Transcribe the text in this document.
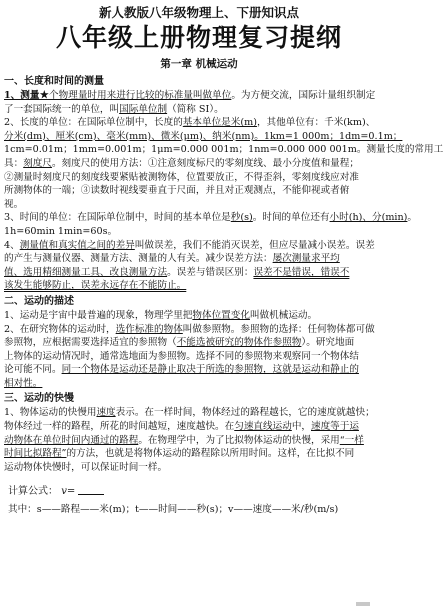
新人教版八年级物理上、下册知识点
八年级上册物理复习提纲
第一章 机械运动
一、长度和时间的测量

1、测量★个物理量时用来进行比较的标准量叫做单位。为方便交流，国际计量组织制定

了一套国际统一的单位，叫国际单位制（简称 SI）。

2、长度的单位：在国际单位制中，长度的基本单位是米(m)，其他单位有：千米(km)、

分米(dm)、厘米(cm)、毫米(mm)、微米(μm)、纳米(nm)。1km=1 000m；1dm=0.1m；

1cm=0.01m；1mm=0.001m；1μm=0.000 001m；1nm=0.000 000 001m。测量长度的常用工

具：刻度尺。刻度尺的使用方法：①注意刻度标尺的零刻度线、最小分度值和量程；

②测量时刻度尺的刻度线要紧贴被测物体，位置要放正，不得歪斜，零刻度线应对准

所测物体的一端；③读数时视线要垂直于尺面，并且对正观测点，不能仰视或者俯

视。

3、时间的单位：在国际单位制中，时间的基本单位是秒(s)。时间的单位还有小时(h)、分(min)。

1h=60min 1min=60s。

4、测量值和真实值之间的差异叫做误差，我们不能消灭误差，但应尽量减小误差。误差

的产生与测量仪器、测量方法、测量的人有关。减少误差方法：屡次测量求平均

值、选用精细测量工具、改良测量方法。误差与错误区别：误差不是错误，错误不

该发生能够防止，误差永远存在不能防止。

二、运动的描述

1、运动是宇宙中最普遍的现象，物理学里把物体位置变化叫做机械运动。

2、在研究物体的运动时，选作标准的物体叫做参照物。参照物的选择：任何物体都可做

参照物，应根据需要选择适宜的参照物（不能选被研究的物体作参照物）。研究地面

上物体的运动情况时，通常选地面为参照物。选择不同的参照物来观察同一个物体结

论可能不同。同一个物体是运动还是静止取决于所选的参照物，这就是运动和静止的

相对性。

三、运动的快慢

1、物体运动的快慢用速度表示。在一样时间，物体经过的路程越长，它的速度就越快；

物体经过一样的路程，所花的时间越短，速度越快。在匀速直线运动中，速度等于运

动物体在单位时间内通过的路程。在物理学中，为了比拟物体运动的快慢，采用“一样

时间比拟路程”的方法，也就是将物体运动的路程除以所用时间。这样，在比拟不同

运动物体快慢时，可以保证时间一样。

计算公式： v=
其中：s——路程——米(m)；t——时间——秒(s)；v——速度——米/秒(m/s)
